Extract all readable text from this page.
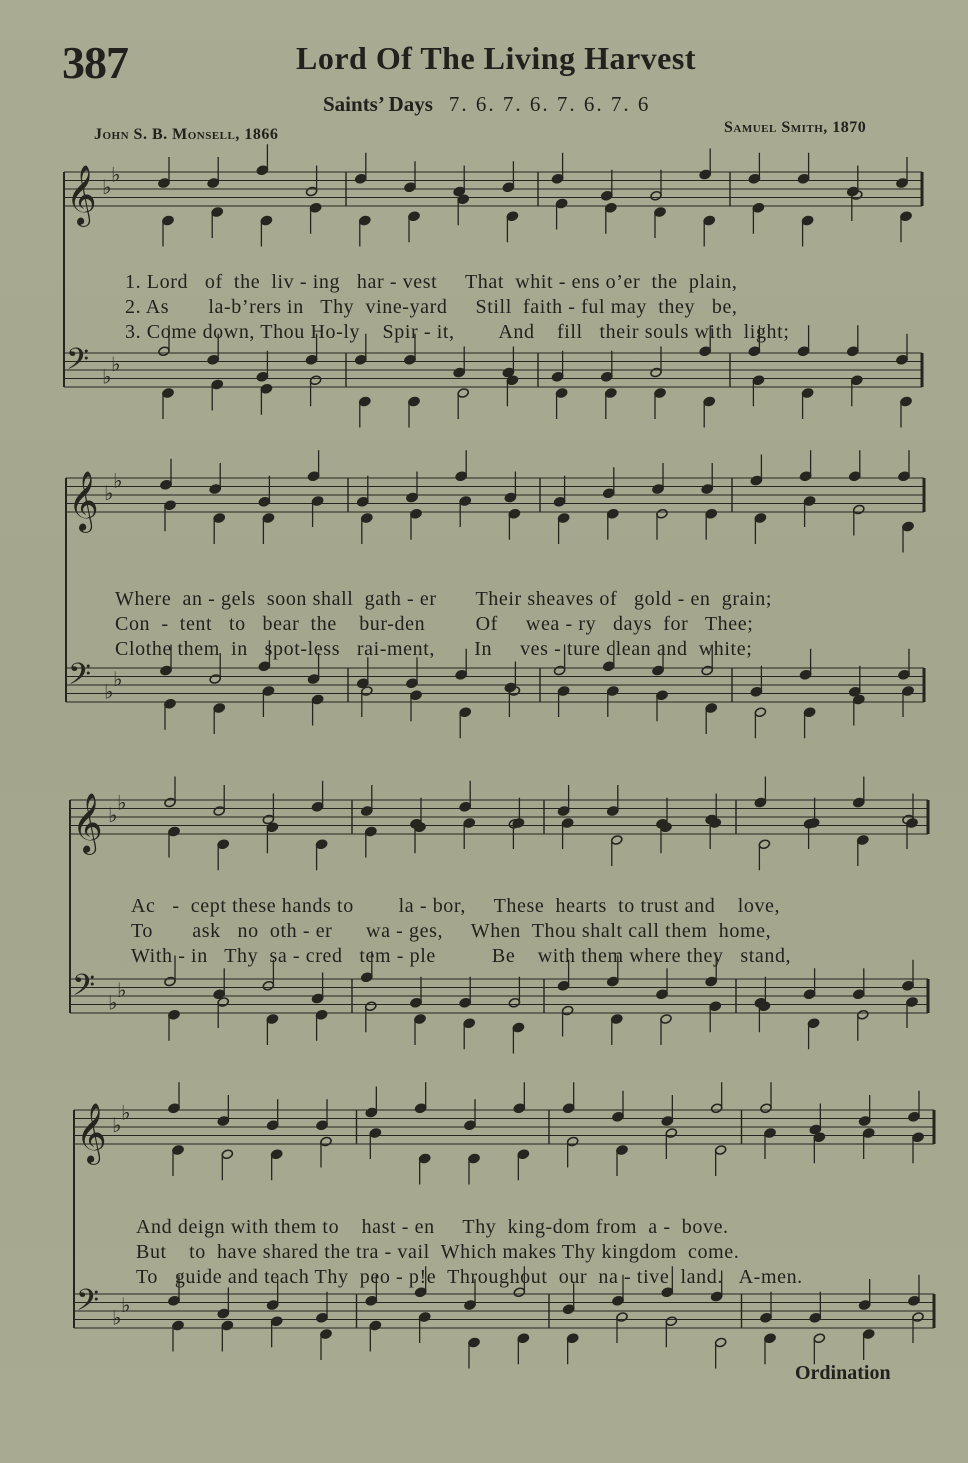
387	Lord Of The Living Harvest
Saints’ Days 7. 6. 7. 6. 7. 6. 7. 6
John S. B. Monsell, 1866	Samuel Smith, 1870
𝄞 ♭
♭
𝄢 ♭
♭

1. Lord   of  the  liv - ing   har - vest     That  whit - ens o’er  the  plain,
2. As       la-b’rers in   Thy  vine-yard     Still  faith - ful may  they   be,
3. Come down, Thou Ho-ly    Spir - it,        And    fill   their souls with  light;

𝄞 ♭
♭
𝄢 ♭
♭

Where  an - gels  soon shall  gath - er       Their sheaves of   gold - en  grain;
Con  -  tent   to   bear  the    bur-den         Of     wea - ry   days  for   Thee;
Clothe them  in   spot-less   rai-ment,       In     ves - ture clean and  white;

𝄞 ♭
♭
𝄢 ♭
♭

Ac   -  cept these hands to        la - bor,     These  hearts  to trust and    love,
To       ask   no  oth - er      wa - ges,     When  Thou shalt call them  home,
With - in   Thy  sa - cred   tem - ple          Be    with them where they   stand,

𝄞 ♭
♭
𝄢 ♭
♭

And deign with them to    hast - en     Thy  king-dom from  a -  bove.
But    to  have shared the tra - vail  Which makes Thy kingdom  come.
To   guide and teach Thy  peo - p!e  Throughout  our  na - tive  land.   A-men.

Ordination
